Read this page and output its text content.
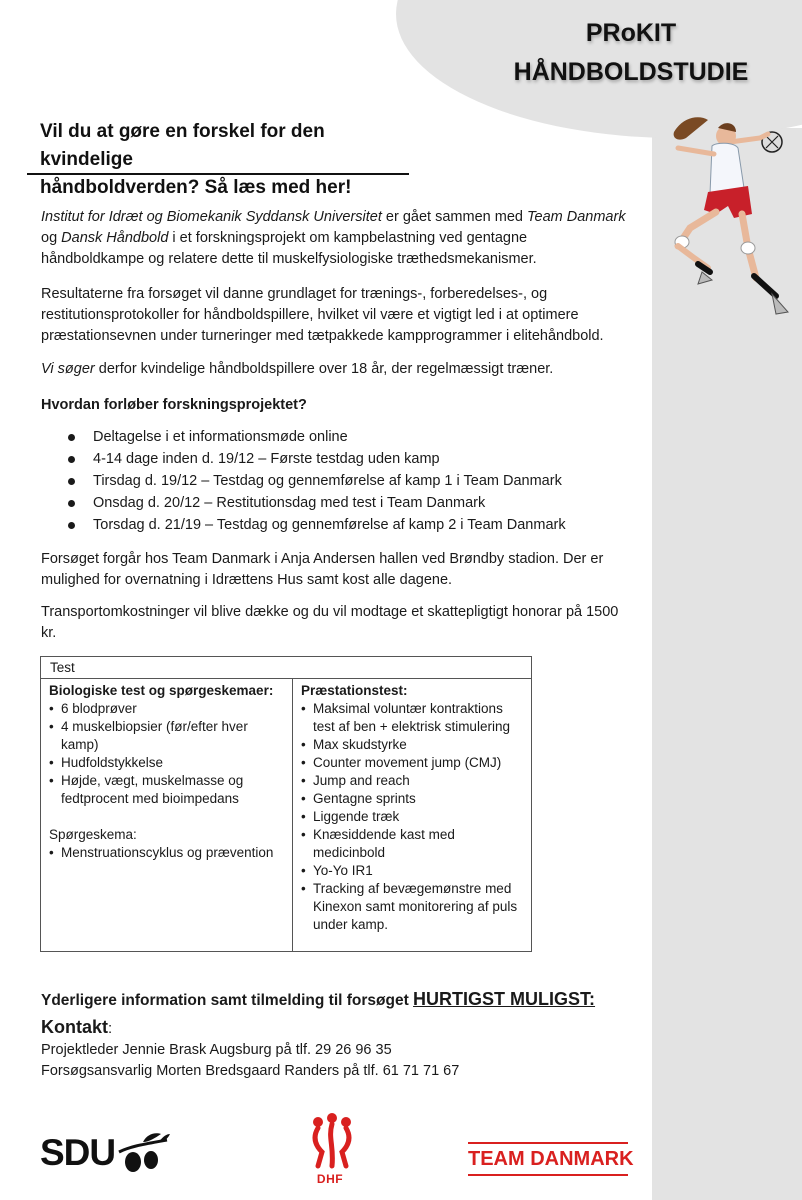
PRoKIT
HÅNDBOLDSTUDIE
Vil du at gøre en forskel for den kvindelige
håndboldverden? Så læs med her!

Institut for Idræt og Biomekanik Syddansk Universitet er gået sammen med Team Danmark og Dansk Håndbold i et forskningsprojekt om kampbelastning ved gentagne håndboldkampe og relatere dette til muskelfysiologiske træthedsmekanismer.

Resultaterne fra forsøget vil danne grundlaget for trænings-, forberedelses-, og restitutionsprotokoller for håndboldspillere, hvilket vil være et vigtigt led i at optimere præstationsevnen under turneringer med tætpakkede kampprogrammer i elitehåndbold.

Vi søger derfor kvindelige håndboldspillere over 18 år, der regelmæssigt træner.

Hvordan forløber forskningsprojektet?
Deltagelse i et informationsmøde online
4-14 dage inden d. 19/12 – Første testdag uden kamp
Tirsdag d. 19/12 – Testdag og gennemførelse af kamp 1 i Team Danmark
Onsdag d. 20/12 – Restitutionsdag med test i Team Danmark
Torsdag d. 21/19 – Testdag og gennemførelse af kamp 2 i Team Danmark
Forsøget forgår hos Team Danmark i Anja Andersen hallen ved Brøndby stadion. Der er mulighed for overnatning i Idrættens Hus samt kost alle dagene.
Transportomkostninger vil blive dække og du vil modtage et skattepligtigt honorar på 1500 kr.
Test
Biologiske test og spørgeskemaer:
• 6 blodprøver
• 4 muskelbiopsier (før/efter hver kamp)
• Hudfoldstykkelse
• Højde, vægt, muskelmasse og fedtprocent med bioimpedans
Spørgeskema:
• Menstruationscyklus og prævention
Præstationstest:
• Maksimal voluntær kontraktions test af ben + elektrisk stimulering
• Max skudstyrke
• Counter movement jump (CMJ)
• Jump and reach
• Gentagne sprints
• Liggende træk
• Knæsiddende kast med medicinbold
• Yo-Yo IR1
• Tracking af bevægemønstre med Kinexon samt monitorering af puls under kamp.
Yderligere information samt tilmelding til forsøget HURTIGST MULIGST:
Kontakt:
Projektleder Jennie Brask Augsburg på tlf. 29 26 96 35
Forsøgsansvarlig Morten Bredsgaard Randers på tlf. 61 71 71 67
SDU
DHF
TEAM DANMARK
